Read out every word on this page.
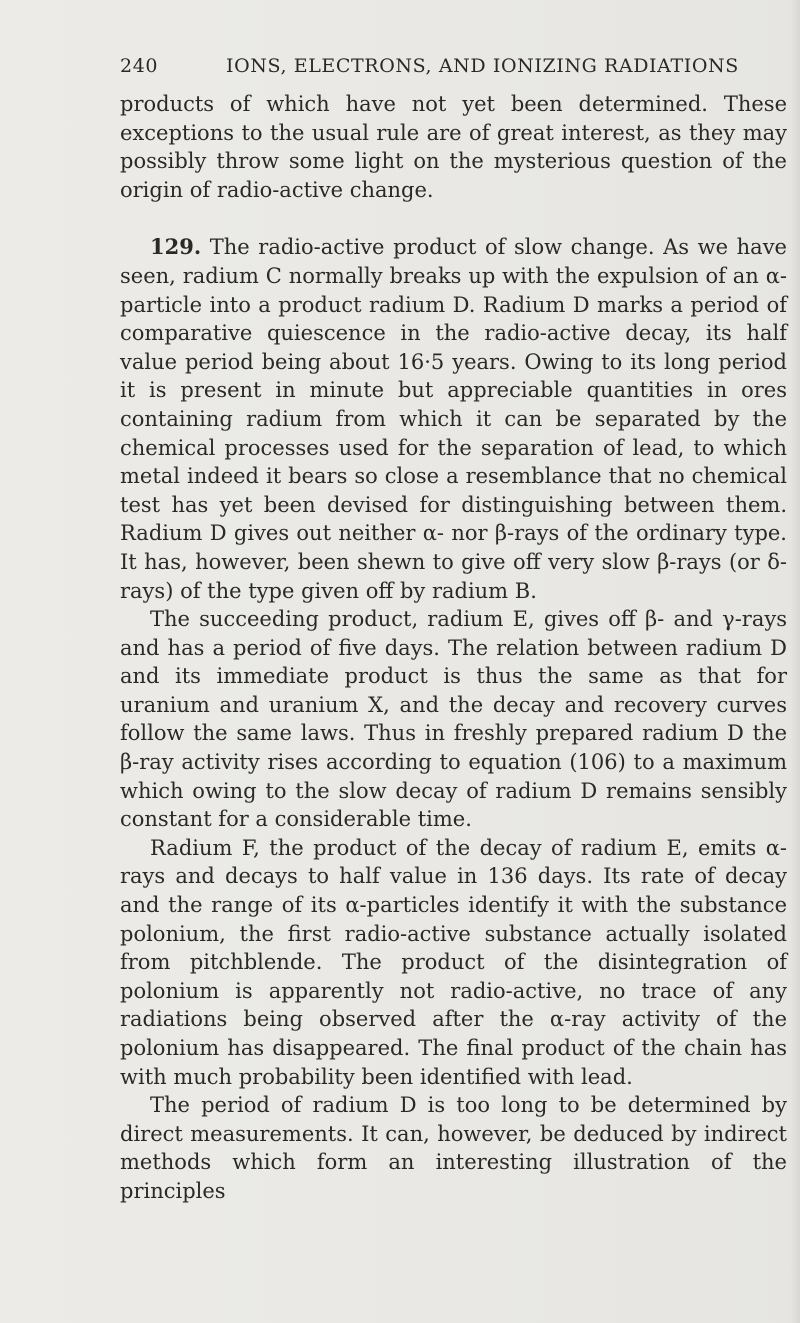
240	IONS, ELECTRONS, AND IONIZING RADIATIONS

products of which have not yet been determined. These exceptions to the usual rule are of great interest, as they may possibly throw some light on the mysterious question of the origin of radio-active change.

129. The radio-active product of slow change. As we have seen, radium C normally breaks up with the expulsion of an α-particle into a product radium D. Radium D marks a period of comparative quiescence in the radio-active decay, its half value period being about 16·5 years. Owing to its long period it is present in minute but appreciable quantities in ores containing radium from which it can be separated by the chemical processes used for the separation of lead, to which metal indeed it bears so close a resemblance that no chemical test has yet been devised for distinguishing between them. Radium D gives out neither α- nor β-rays of the ordinary type. It has, however, been shewn to give off very slow β-rays (or δ-rays) of the type given off by radium B.

The succeeding product, radium E, gives off β- and γ-rays and has a period of five days. The relation between radium D and its immediate product is thus the same as that for uranium and uranium X, and the decay and recovery curves follow the same laws. Thus in freshly prepared radium D the β-ray activity rises according to equation (106) to a maximum which owing to the slow decay of radium D remains sensibly constant for a considerable time.

Radium F, the product of the decay of radium E, emits α-rays and decays to half value in 136 days. Its rate of decay and the range of its α-particles identify it with the substance polonium, the first radio-active substance actually isolated from pitchblende. The product of the disintegration of polonium is apparently not radio-active, no trace of any radiations being observed after the α-ray activity of the polonium has disappeared. The final product of the chain has with much probability been identified with lead.

The period of radium D is too long to be determined by direct measurements. It can, however, be deduced by indirect methods which form an interesting illustration of the principles
